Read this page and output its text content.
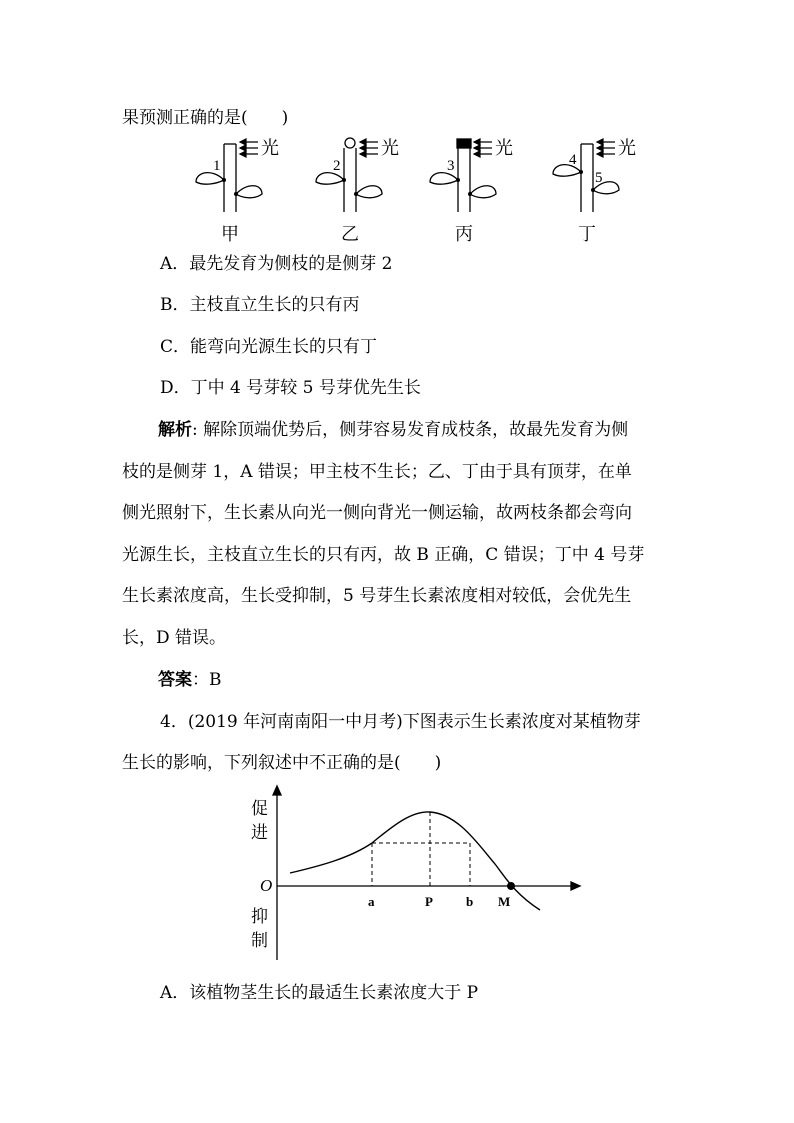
果预测正确的是(　　)
光	光	光	光
1	2	3	4
5
甲	乙	丙	丁
A．最先发育为侧枝的是侧芽 2
B．主枝直立生长的只有丙
C．能弯向光源生长的只有丁
D．丁中 4 号芽较 5 号芽优先生长
解析: 解除顶端优势后，侧芽容易发育成枝条，故最先发育为侧
枝的是侧芽 1，A 错误；甲主枝不生长；乙、丁由于具有顶芽，在单
侧光照射下，生长素从向光一侧向背光一侧运输，故两枝条都会弯向
光源生长，主枝直立生长的只有丙，故 B 正确，C 错误；丁中 4 号芽
生长素浓度高，生长受抑制，5 号芽生长素浓度相对较低，会优先生
长，D 错误。
答案：B
4．(2019 年河南南阳一中月考)下图表示生长素浓度对某植物芽
生长的影响，下列叙述中不正确的是(　　)
促
进
抑
制
O
a	P	b M
A．该植物茎生长的最适生长素浓度大于 P
